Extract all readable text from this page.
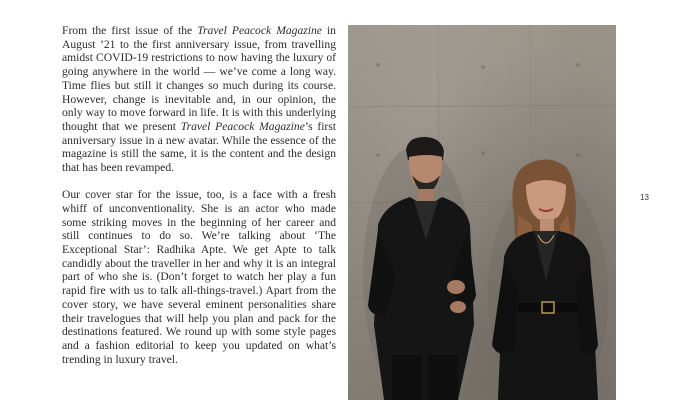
From the first issue of the Travel Peacock Magazine in August ’21 to the first anniversary issue, from travelling amidst COVID-19 restrictions to now having the luxury of going anywhere in the world — we’ve come a long way. Time flies but still it changes so much during its course. However, change is inevitable and, in our opinion, the only way to move forward in life. It is with this underlying thought that we present Travel Peacock Magazine’s first anniversary issue in a new avatar. While the essence of the magazine is still the same, it is the content and the design that has been revamped.

Our cover star for the issue, too, is a face with a fresh whiff of unconventionality. She is an actor who made some striking moves in the beginning of her career and still continues to do so. We’re talking about ‘The Exceptional Star’: Radhika Apte. We get Apte to talk candidly about the traveller in her and why it is an integral part of who she is. (Don’t forget to watch her play a fun rapid fire with us to talk all-things-travel.) Apart from the cover story, we have several eminent personalities share their travelogues that will help you plan and pack for the destinations featured. We round up with some style pages and a fashion editorial to keep you updated on what’s trending in luxury travel.

13
